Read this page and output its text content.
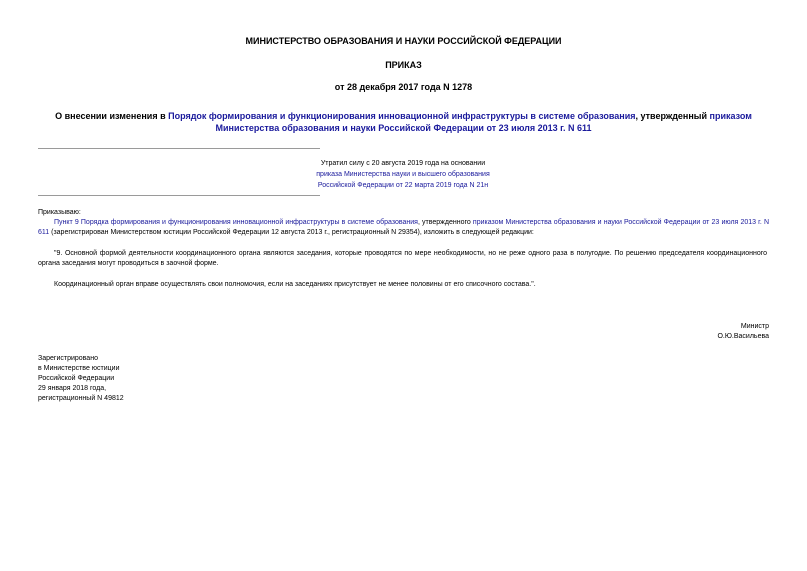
МИНИСТЕРСТВО ОБРАЗОВАНИЯ И НАУКИ РОССИЙСКОЙ ФЕДЕРАЦИИ

ПРИКАЗ

от 28 декабря 2017 года N 1278

О внесении изменения в Порядок формирования и функционирования инновационной инфраструктуры в системе образования, утвержденный приказом Министерства образования и науки Российской Федерации от 23 июля 2013 г. N 611
Утратил силу с 20 августа 2019 года на основании
приказа Министерства науки и высшего образования
Российской Федерации от 22 марта 2019 года N 21н
Приказываю:
Пункт 9 Порядка формирования и функционирования инновационной инфраструктуры в системе образования, утвержденного приказом Министерства образования и науки Российской Федерации от 23 июля 2013 г. N 611 (зарегистрирован Министерством юстиции Российской Федерации 12 августа 2013 г., регистрационный N 29354), изложить в следующей редакции:
"9. Основной формой деятельности координационного органа являются заседания, которые проводятся по мере необходимости, но не реже одного раза в полугодие. По решению председателя координационного органа заседания могут проводиться в заочной форме.
Координационный орган вправе осуществлять свои полномочия, если на заседаниях присутствует не менее половины от его списочного состава.".
Министр
О.Ю.Васильева
Зарегистрировано
в Министерстве юстиции
Российской Федерации
29 января 2018 года,
регистрационный N 49812
